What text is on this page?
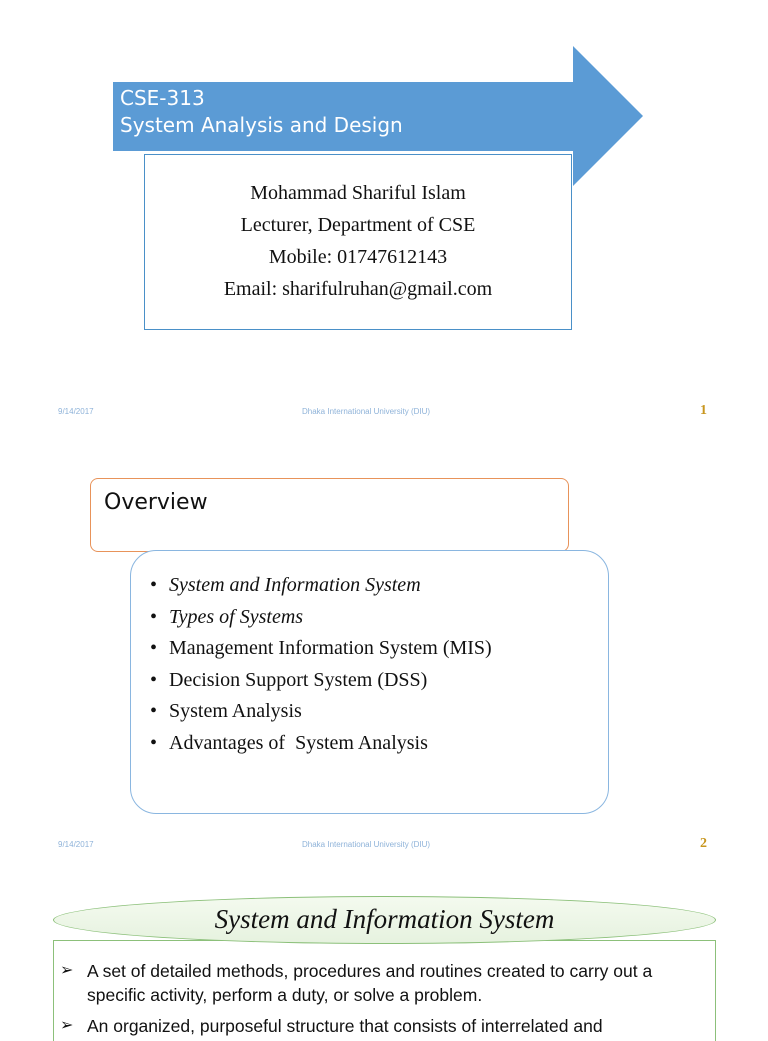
CSE-313
System Analysis and Design
Mohammad Shariful Islam
Lecturer, Department of CSE
Mobile: 01747612143
Email: sharifulruhan@gmail.com
9/14/2017	Dhaka International University (DIU)	1
Overview
• System and Information System
• Types of Systems
• Management Information System (MIS)
• Decision Support System (DSS)
• System Analysis
• Advantages of  System Analysis
9/14/2017	Dhaka International University (DIU)	2
System and Information System
➢ A set of detailed methods, procedures and routines created to carry out a specific activity, perform a duty, or solve a problem.
➢ An organized, purposeful structure that consists of interrelated and
